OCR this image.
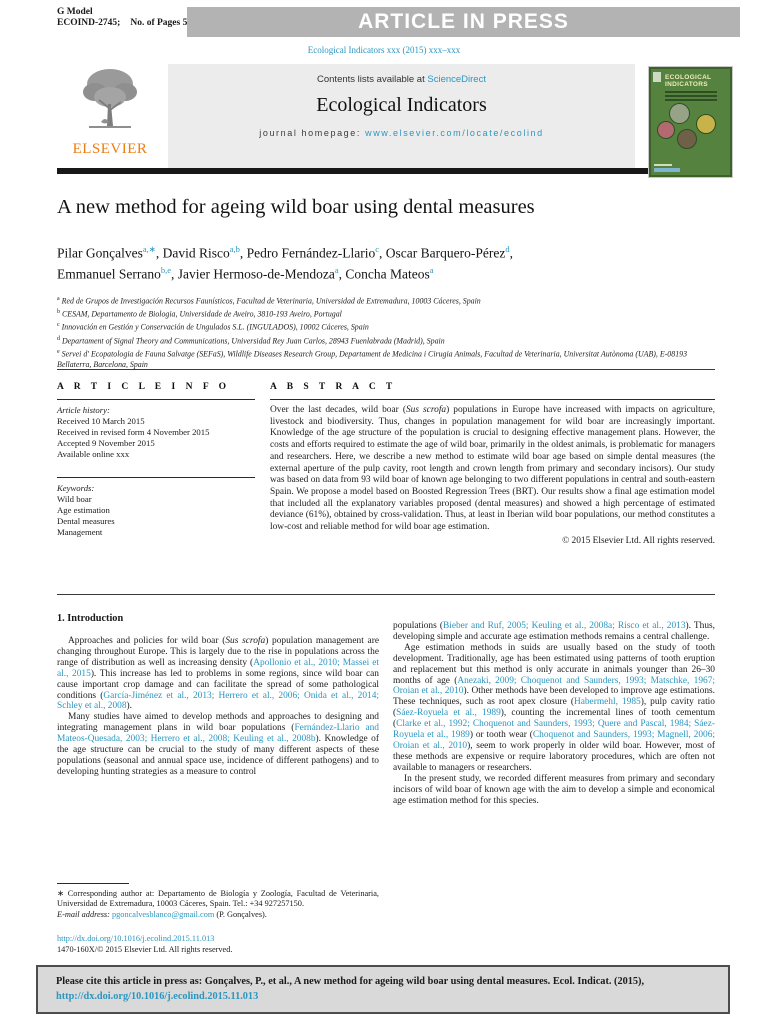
G Model
ECOIND-2745; No. of Pages 5	ARTICLE IN PRESS
Ecological Indicators xxx (2015) xxx–xxx
ELSEVIER
Contents lists available at ScienceDirect
Ecological Indicators
journal homepage: www.elsevier.com/locate/ecolind
ECOLOGICAL
INDICATORS
A new method for ageing wild boar using dental measures
Pilar Gonçalves$^{a,∗}$, David Risco$^{a,b}$, Pedro Fernández-Llario$^c$, Oscar Barquero-Pérez$^d$,
Emmanuel Serrano$^{b,e}$, Javier Hermoso-de-Mendoza$^a$, Concha Mateos$^a$
$^a$ Red de Grupos de Investigación Recursos Faunísticos, Facultad de Veterinaria, Universidad de Extremadura, 10003 Cáceres, Spain
$^b$ CESAM, Departamento de Biologia, Universidade de Aveiro, 3810-193 Aveiro, Portugal
$^c$ Innovación en Gestión y Conservación de Ungulados S.L. (INGULADOS), 10002 Cáceres, Spain
$^d$ Departament of Signal Theory and Communications, Universidad Rey Juan Carlos, 28943 Fuenlabrada (Madrid), Spain
$^e$ Servei d' Ecopatologia de Fauna Salvatge (SEFaS), Wildlife Diseases Research Group, Departament de Medicina i Cirugia Animals, Facultad de Veterinaria, Universitat Autònoma (UAB), E-08193 Bellaterra, Barcelona, Spain
A R T I C L E I N F O
Article history:
Received 10 March 2015
Received in revised form 4 November 2015
Accepted 9 November 2015
Available online xxx
Keywords:
Wild boar
Age estimation
Dental measures
Management
A B S T R A C T
Over the last decades, wild boar (Sus scrofa) populations in Europe have increased with impacts on agriculture, livestock and biodiversity. Thus, changes in population management for wild boar are increasingly important. Knowledge of the age structure of the population is crucial to designing effective management plans. However, the costs and efforts required to estimate the age of wild boar, primarily in the oldest animals, is problematic for managers and researchers. Here, we describe a new method to estimate wild boar age based on simple dental measures (the external aperture of the pulp cavity, root length and crown length from primary and secondary incisors). Our study was based on data from 93 wild boar of known age belonging to two different populations in central and south-eastern Spain. We propose a model based on Boosted Regression Trees (BRT). Our results show a final age estimation model that included all the explanatory variables proposed (dental measures) and showed a high percentage of estimated deviance (61%), obtained by cross-validation. Thus, at least in Iberian wild boar populations, our method constitutes a low-cost and reliable method for wild boar age estimation.
© 2015 Elsevier Ltd. All rights reserved.
1. Introduction

Approaches and policies for wild boar (Sus scrofa) population management are changing throughout Europe. This is largely due to the rise in populations across the range of distribution as well as increasing density (Apollonio et al., 2010; Massei et al., 2015). This increase has led to problems in some regions, since wild boar can cause important crop damage and can facilitate the spread of some pathological conditions (García-Jiménez et al., 2013; Herrero et al., 2006; Onida et al., 2014; Schley et al., 2008).

Many studies have aimed to develop methods and approaches to designing and integrating management plans in wild boar populations (Fernández-Llario and Mateos-Quesada, 2003; Herrero et al., 2008; Keuling et al., 2008b). Knowledge of the age structure can be crucial to the study of many different aspects of these populations (seasonal and annual space use, incidence of different pathogens) and to developing hunting strategies as a measure to control

∗ Corresponding author at: Departamento de Biología y Zoología, Facultad de Veterinaria, Universidad de Extremadura, 10003 Cáceres, Spain. Tel.: +34 927257150.
E-mail address: pgoncalvesblanco@gmail.com (P. Gonçalves).
http://dx.doi.org/10.1016/j.ecolind.2015.11.013
1470-160X/© 2015 Elsevier Ltd. All rights reserved.

populations (Bieber and Ruf, 2005; Keuling et al., 2008a; Risco et al., 2013). Thus, developing simple and accurate age estimation methods remains a central challenge.

Age estimation methods in suids are usually based on the study of tooth development. Traditionally, age has been estimated using patterns of tooth eruption and replacement but this method is only accurate in animals younger than 26–30 months of age (Anezaki, 2009; Choquenot and Saunders, 1993; Matschke, 1967; Oroian et al., 2010). Other methods have been developed to improve age estimations. These techniques, such as root apex closure (Habermehl, 1985), pulp cavity ratio (Sáez-Royuela et al., 1989), counting the incremental lines of tooth cementum (Clarke et al., 1992; Choquenot and Saunders, 1993; Quere and Pascal, 1984; Sáez-Royuela et al., 1989) or tooth wear (Choquenot and Saunders, 1993; Magnell, 2006; Oroian et al., 2010), seem to work properly in older wild boar. However, most of these methods are expensive or require laboratory procedures, which are often not available to managers or researchers.

In the present study, we recorded different measures from primary and secondary incisors of wild boar of known age with the aim to develop a simple and economical age estimation method for this species.

Please cite this article in press as: Gonçalves, P., et al., A new method for ageing wild boar using dental measures. Ecol. Indicat. (2015), http://dx.doi.org/10.1016/j.ecolind.2015.11.013
